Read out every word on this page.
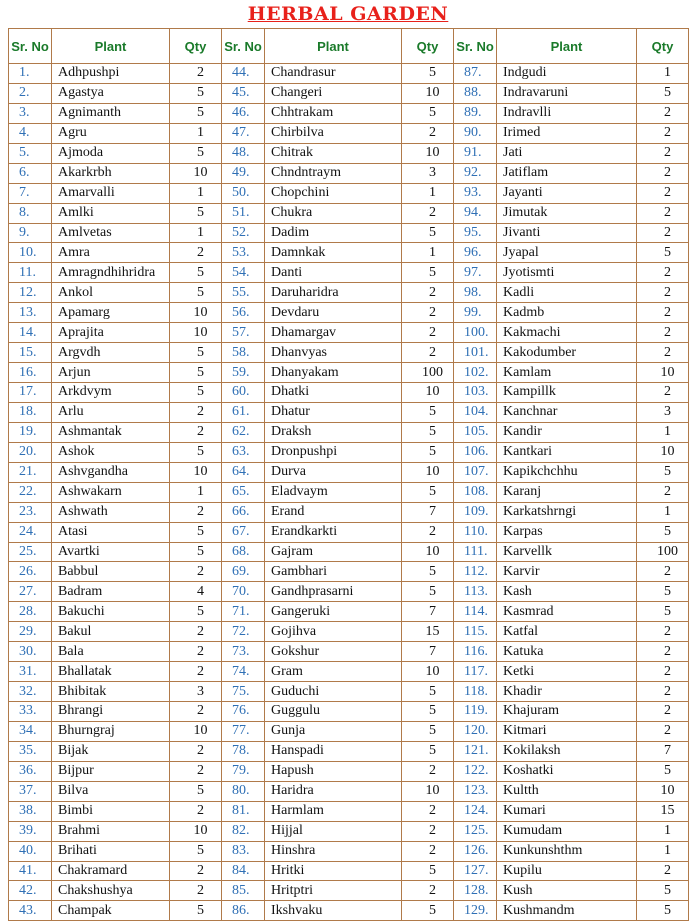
HERBAL GARDEN
Sr. No	Plant	Qty	Sr. No	Plant	Qty	Sr. No	Plant	Qty
1.	Adhpushpi	2	44.	Chandrasur	5	87.	Indgudi	1
2.	Agastya	5	45.	Changeri	10	88.	Indravaruni	5
3.	Agnimanth	5	46.	Chhtrakam	5	89.	Indravlli	2
4.	Agru	1	47.	Chirbilva	2	90.	Irimed	2
5.	Ajmoda	5	48.	Chitrak	10	91.	Jati	2
6.	Akarkrbh	10	49.	Chndntraym	3	92.	Jatiflam	2
7.	Amarvalli	1	50.	Chopchini	1	93.	Jayanti	2
8.	Amlki	5	51.	Chukra	2	94.	Jimutak	2
9.	Amlvetas	1	52.	Dadim	5	95.	Jivanti	2
10.	Amra	2	53.	Damnkak	1	96.	Jyapal	5
11.	Amragndhihridra	5	54.	Danti	5	97.	Jyotismti	2
12.	Ankol	5	55.	Daruharidra	2	98.	Kadli	2
13.	Apamarg	10	56.	Devdaru	2	99.	Kadmb	2
14.	Aprajita	10	57.	Dhamargav	2	100.	Kakmachi	2
15.	Argvdh	5	58.	Dhanvyas	2	101.	Kakodumber	2
16.	Arjun	5	59.	Dhanyakam	100	102.	Kamlam	10
17.	Arkdvym	5	60.	Dhatki	10	103.	Kampillk	2
18.	Arlu	2	61.	Dhatur	5	104.	Kanchnar	3
19.	Ashmantak	2	62.	Draksh	5	105.	Kandir	1
20.	Ashok	5	63.	Dronpushpi	5	106.	Kantkari	10
21.	Ashvgandha	10	64.	Durva	10	107.	Kapikchchhu	5
22.	Ashwakarn	1	65.	Eladvaym	5	108.	Karanj	2
23.	Ashwath	2	66.	Erand	7	109.	Karkatshrngi	1
24.	Atasi	5	67.	Erandkarkti	2	110.	Karpas	5
25.	Avartki	5	68.	Gajram	10	111.	Karvellk	100
26.	Babbul	2	69.	Gambhari	5	112.	Karvir	2
27.	Badram	4	70.	Gandhprasarni	5	113.	Kash	5
28.	Bakuchi	5	71.	Gangeruki	7	114.	Kasmrad	5
29.	Bakul	2	72.	Gojihva	15	115.	Katfal	2
30.	Bala	2	73.	Gokshur	7	116.	Katuka	2
31.	Bhallatak	2	74.	Gram	10	117.	Ketki	2
32.	Bhibitak	3	75.	Guduchi	5	118.	Khadir	2
33.	Bhrangi	2	76.	Guggulu	5	119.	Khajuram	2
34.	Bhurngraj	10	77.	Gunja	5	120.	Kitmari	2
35.	Bijak	2	78.	Hanspadi	5	121.	Kokilaksh	7
36.	Bijpur	2	79.	Hapush	2	122.	Koshatki	5
37.	Bilva	5	80.	Haridra	10	123.	Kultth	10
38.	Bimbi	2	81.	Harmlam	2	124.	Kumari	15
39.	Brahmi	10	82.	Hijjal	2	125.	Kumudam	1
40.	Brihati	5	83.	Hinshra	2	126.	Kunkunshthm	1
41.	Chakramard	2	84.	Hritki	5	127.	Kupilu	2
42.	Chakshushya	2	85.	Hritptri	2	128.	Kush	5
43.	Champak	5	86.	Ikshvaku	5	129.	Kushmandm	5
